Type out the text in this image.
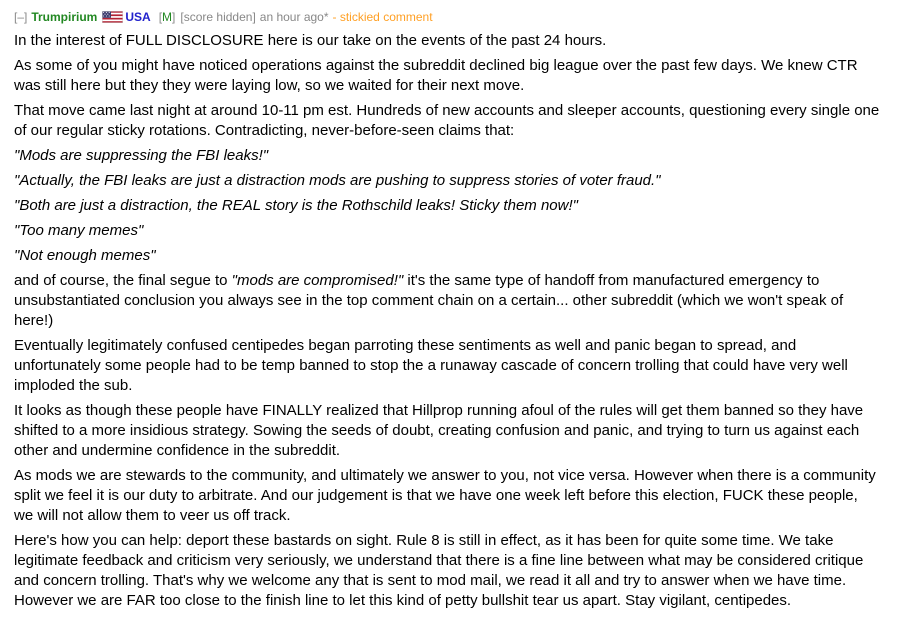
[–] Trumpirium USA [M] [score hidden] an hour ago* - stickied comment

In the interest of FULL DISCLOSURE here is our take on the events of the past 24 hours.

As some of you might have noticed operations against the subreddit declined big league over the past few days. We knew CTR was still here but they they were laying low, so we waited for their next move.

That move came last night at around 10-11 pm est. Hundreds of new accounts and sleeper accounts, questioning every single one of our regular sticky rotations. Contradicting, never-before-seen claims that:

"Mods are suppressing the FBI leaks!"

"Actually, the FBI leaks are just a distraction mods are pushing to suppress stories of voter fraud."

"Both are just a distraction, the REAL story is the Rothschild leaks! Sticky them now!"

"Too many memes"

"Not enough memes"

and of course, the final segue to "mods are compromised!" it's the same type of handoff from manufactured emergency to unsubstantiated conclusion you always see in the top comment chain on a certain... other subreddit (which we won't speak of here!)

Eventually legitimately confused centipedes began parroting these sentiments as well and panic began to spread, and unfortunately some people had to be temp banned to stop the a runaway cascade of concern trolling that could have very well imploded the sub.

It looks as though these people have FINALLY realized that Hillprop running afoul of the rules will get them banned so they have shifted to a more insidious strategy. Sowing the seeds of doubt, creating confusion and panic, and trying to turn us against each other and undermine confidence in the subreddit.

As mods we are stewards to the community, and ultimately we answer to you, not vice versa. However when there is a community split we feel it is our duty to arbitrate. And our judgement is that we have one week left before this election, FUCK these people, we will not allow them to veer us off track.

Here's how you can help: deport these bastards on sight. Rule 8 is still in effect, as it has been for quite some time. We take legitimate feedback and criticism very seriously, we understand that there is a fine line between what may be considered critique and concern trolling. That's why we welcome any that is sent to mod mail, we read it all and try to answer when we have time. However we are FAR too close to the finish line to let this kind of petty bullshit tear us apart. Stay vigilant, centipedes.
